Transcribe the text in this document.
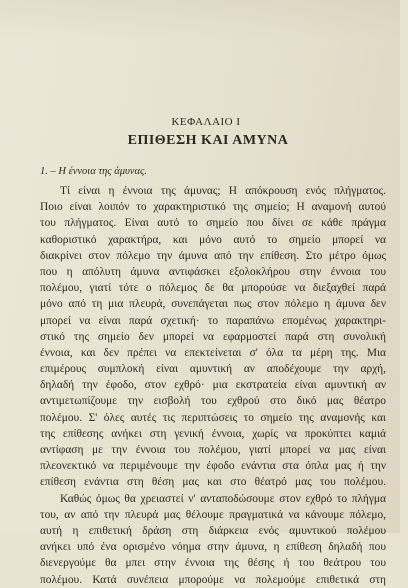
ΚΕΦΑΛΑΙΟ Ι
ΕΠΙΘΕΣΗ ΚΑΙ ΑΜΥΝΑ
1. – Η έννοια της άμυνας.
Τί είναι η έννοια της άμυνας; Η απόκρουση ενός πλήγματος.
Ποιο είναι λοιπόν το χαρακτηριστικό της σημείο; Η αναμονή αυτού
του πλήγματος. Είναι αυτό το σημείο που δίνει σε κάθε πράγμα
καθοριστικό χαρακτήρα, και μόνο αυτό το σημείο μπορεί να
διακρίνει στον πόλεμο την άμυνα από την επίθεση. Στο μέτρο όμως
που η απόλυτη άμυνα αντιφάσκει εξολοκλήρου στην έννοια του
πολέμου, γιατί τότε ο πόλεμος δε θα μπορούσε να διεξαχθεί παρά
μόνο από τη μια πλευρά, συνεπάγεται πως στον πόλεμο η άμυνα δεν
μπορεί να είναι παρά σχετική· το παραπάνω επομένως χαρακτηρι-
στικό της σημείο δεν μπορεί να εφαρμοστεί παρά στη συνολική
έννοια, και δεν πρέπει να επεκτείνεται σ' όλα τα μέρη της. Μια
επιμέρους συμπλοκή είναι αμυντική αν αποδέχουμε την αρχή,
δηλαδή την έφοδο, στον εχθρό· μια εκστρατεία είναι αμυντική αν
αντιμετωπίζουμε την εισβολή του εχθρού στο δικό μας θέατρο
πολέμου. Σ' όλες αυτές τις περιπτώσεις το σημείο της αναμονής και
της επίθεσης ανήκει στη γενική έννοια, χωρίς να προκύπτει καμιά
αντίφαση με την έννοια του πολέμου, γιατί μπορεί να μας είναι
πλεονεκτικό να περιμένουμε την έφοδο ενάντια στα όπλα μας ή την
επίθεση ενάντια στη θέση μας και στο θέατρό μας του πολέμου.
Καθώς όμως θα χρειαστεί ν' ανταποδώσουμε στον εχθρό το πλήγμα
του, αν από την πλευρά μας θέλουμε πραγματικά να κάνουμε πόλεμο,
αυτή η επιθετική δράση στη διάρκεια ενός αμυντικού πολέμου
ανήκει υπό ένα ορισμένο νόημα στην άμυνα, η επίθεση δηλαδή που
διενεργούμε θα μπει στην έννοια της θέσης ή του θεάτρου του
πολέμου. Κατά συνέπεια μπορούμε να πολεμούμε επιθετικά στη
